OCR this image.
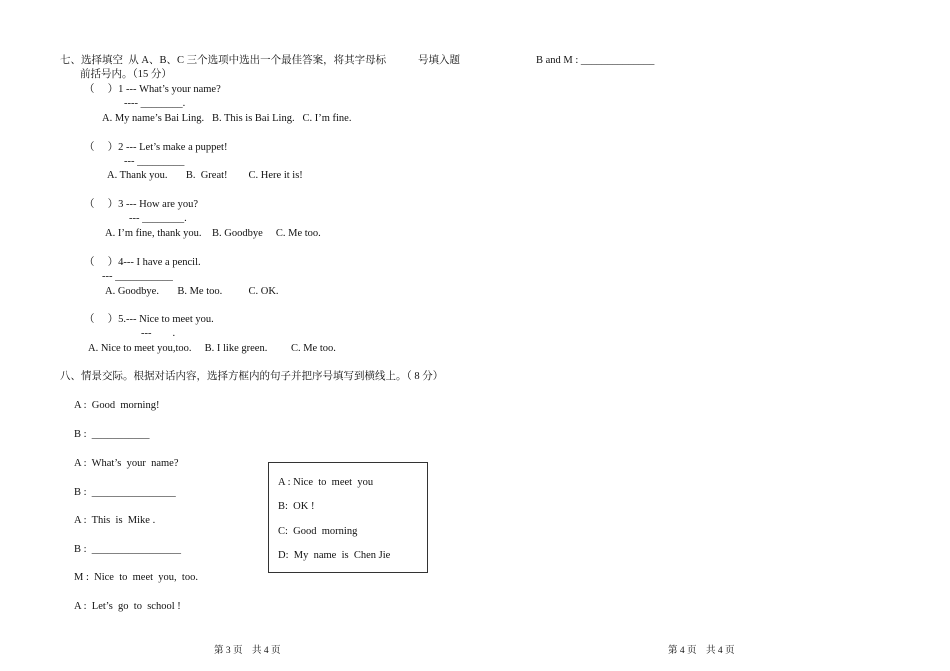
七、选择填空  从 A、B、C 三个选项中选出一个最佳答案，将其字母标	号填入题	B and M : ______________
前括号内。（15 分）
（     ）1 --- What’s your name?
---- ________.
A. My name’s Bai Ling.   B. This is Bai Ling.   C. I’m fine.
（     ）2 --- Let’s make a puppet!
--- _________
A. Thank you.       B.  Great!        C. Here it is!
（     ）3 --- How are you?
--- ________.
A. I’m fine, thank you.    B. Goodbye     C. Me too.
（     ）4--- I have a pencil.
--- ___________
A. Goodbye.       B. Me too.          C. OK.
（     ）5.--- Nice to meet you.
---        .
A. Nice to meet you,too.     B. I like green.         C. Me too.
八、情景交际。根据对话内容，选择方框内的句子并把序号填写到横线上。（ 8 分）
A :  Good  morning!
B :  ___________
A :  What’s  your  name?
B :  ________________
A :  This  is  Mike .
B :  _________________
M :  Nice  to  meet  you,  too.
A :  Let’s  go  to  school !
A : Nice  to  meet  you
B:  OK !
C:  Good  morning
D:  My  name  is  Chen Jie
第 3 页    共 4 页	第 4 页    共 4 页
